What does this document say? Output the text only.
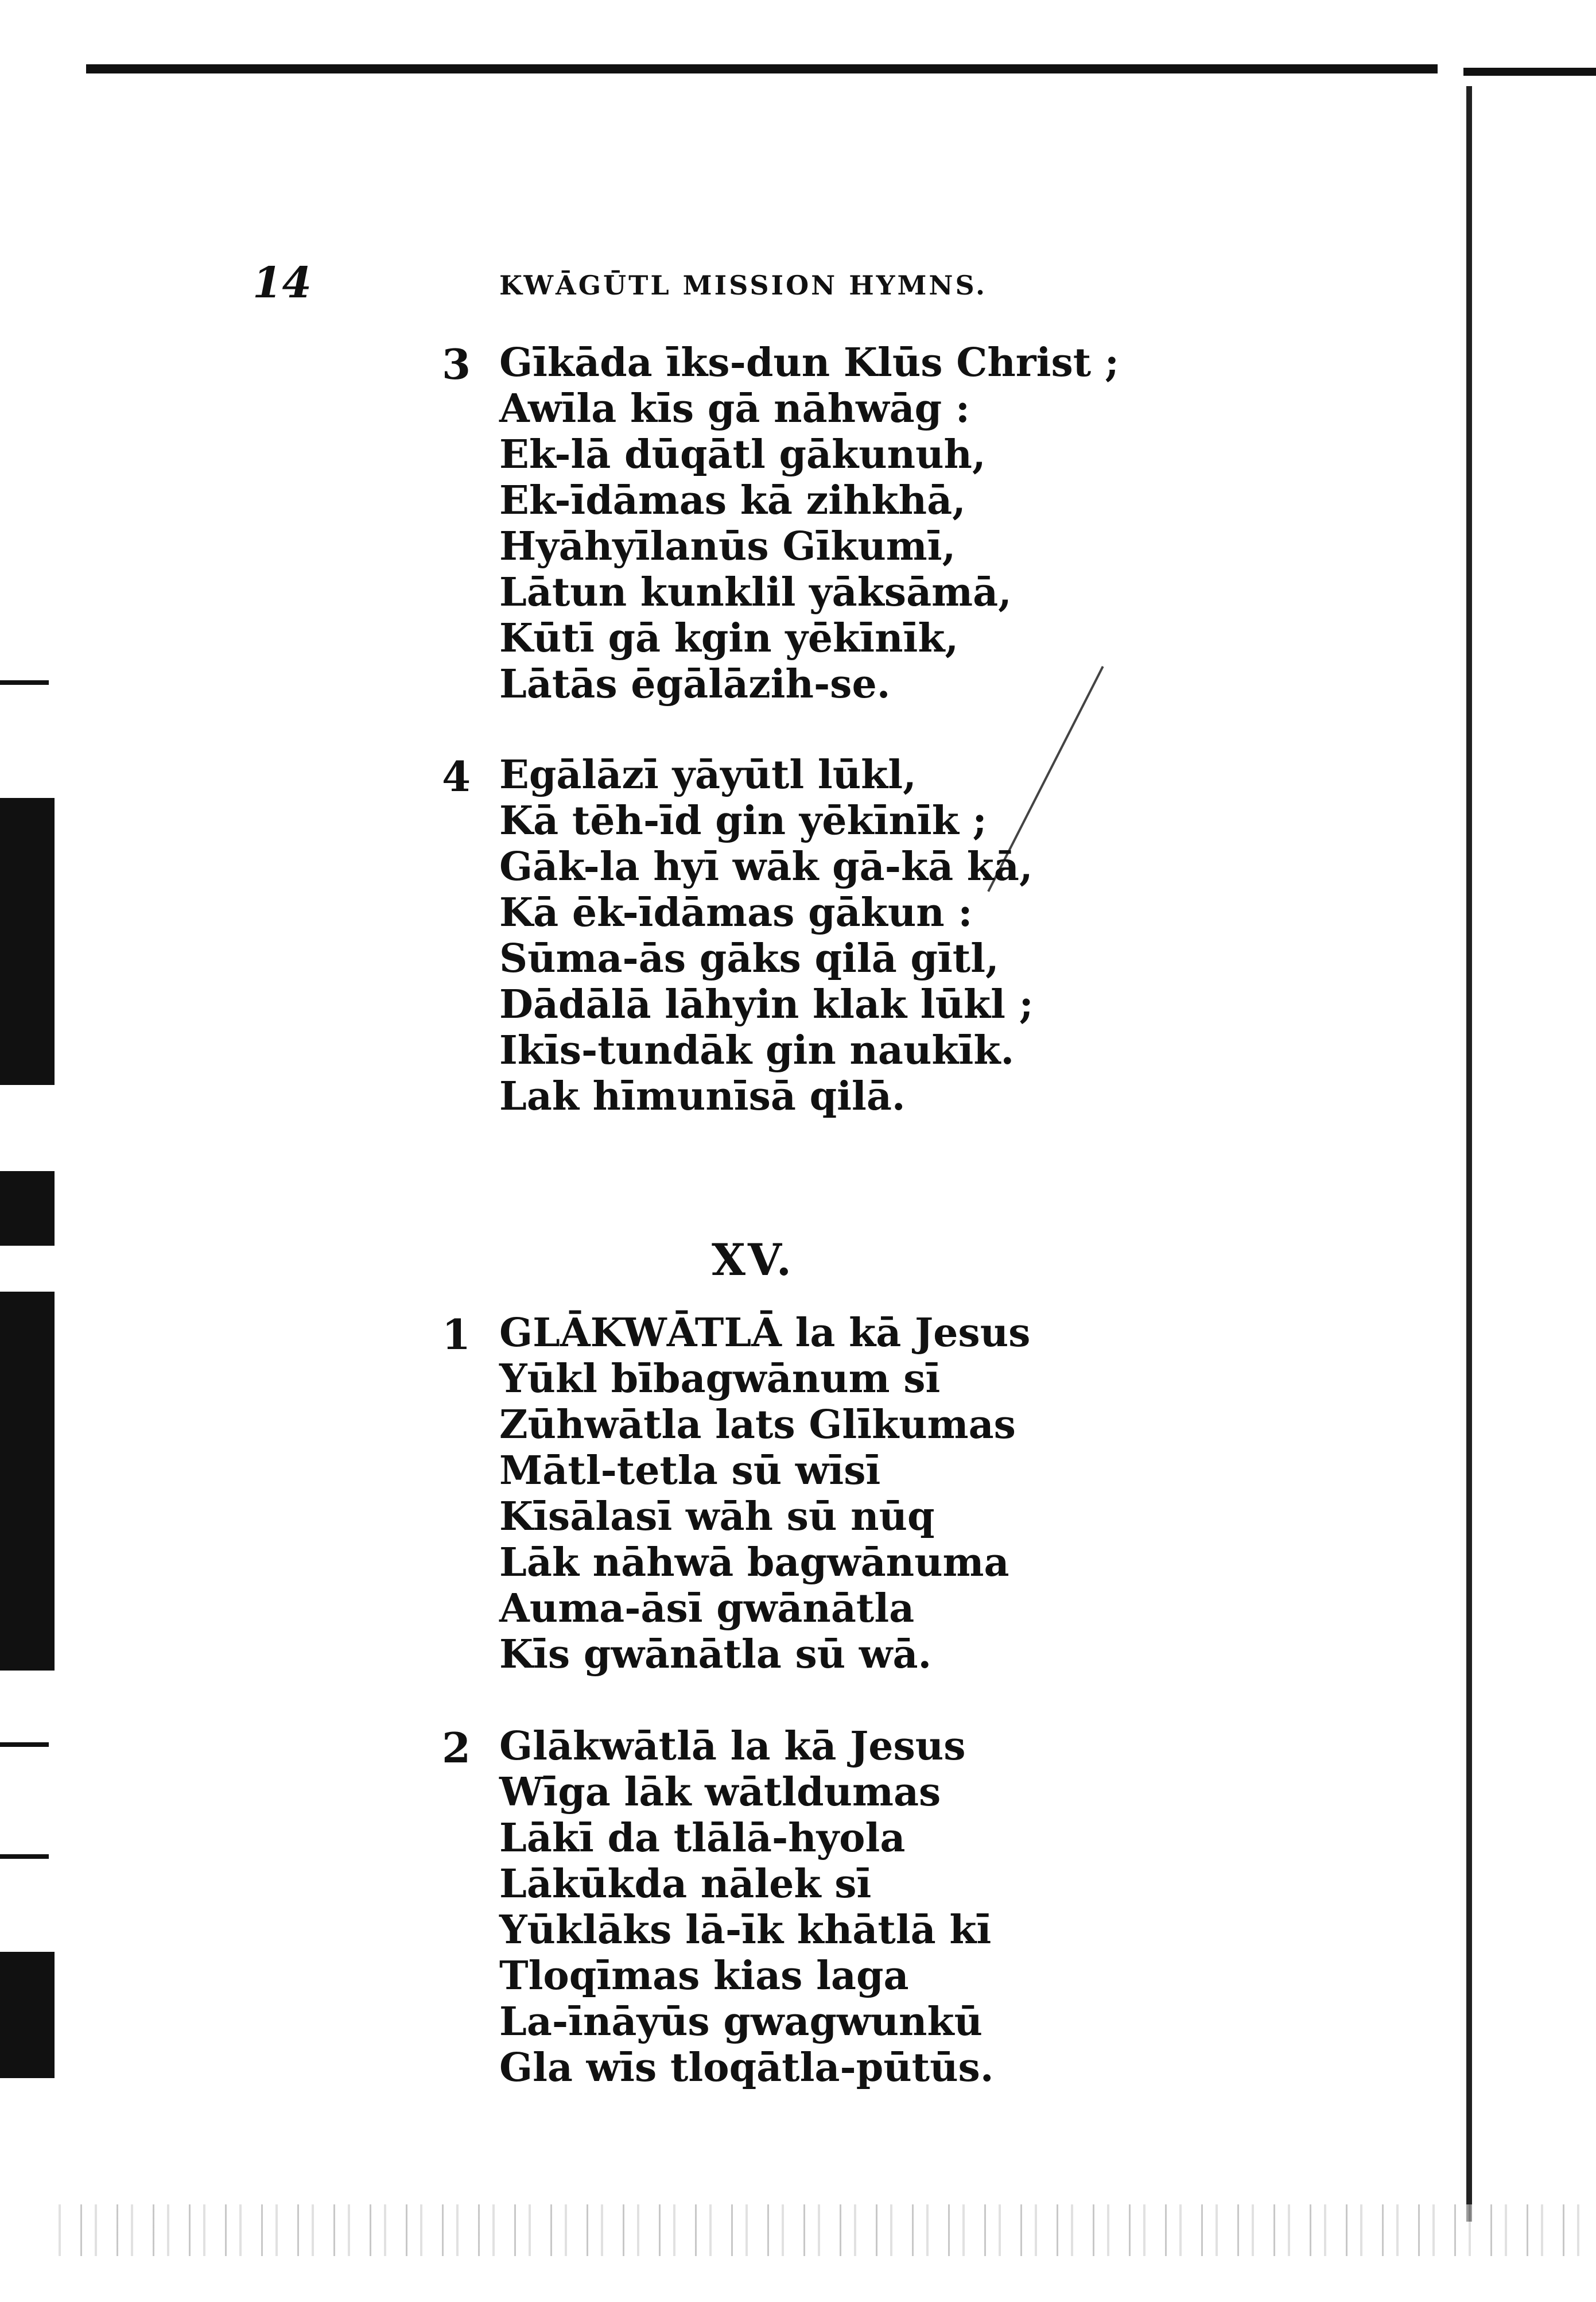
14	KWĀGŪTL MISSION HYMNS.
3 Gīkāda īks-dun Klūs Christ ;
Awīla kīs gā nāhwāg :
Ek-lā dūqātl gākunuh,
Ek-īdāmas kā zihkhā,
Hyāhyīlanūs Gīkumī,
Lātun kunklil yāksāmā,
Kūtī gā kgin yēkīnīk,
Lātās ēgālāzih-se.
4 Egālāzī yāyūtl lūkl,
Kā tēh-īd gin yēkīnīk ;
Gāk-la hyī wāk gā-kā kā,
Kā ēk-īdāmas gākun :
Sūma-ās gāks qilā gītl,
Dādālā lāhyin klak lūkl ;
Ikīs-tundāk gin naukīk.
Lak hīmunīsā qilā.
XV.
1 GLĀKWĀTLĀ la kā Jesus
Yūkl bībagwānum sī
Zūhwātla lats Glīkumas
Mātl-tetla sū wīsī
Kīsālasī wāh sū nūq
Lāk nāhwā bagwānuma
Auma-āsī gwānātla
Kīs gwānātla sū wā.
2 Glākwātlā la kā Jesus
Wīga lāk wātldumas
Lākī da tlālā-hyola
Lākūkda nālek sī
Yūklāks lā-īk khātlā kī
Tloqīmas kias laga
La-īnāyūs gwagwunkū
Gla wīs tloqātla-pūtūs.
